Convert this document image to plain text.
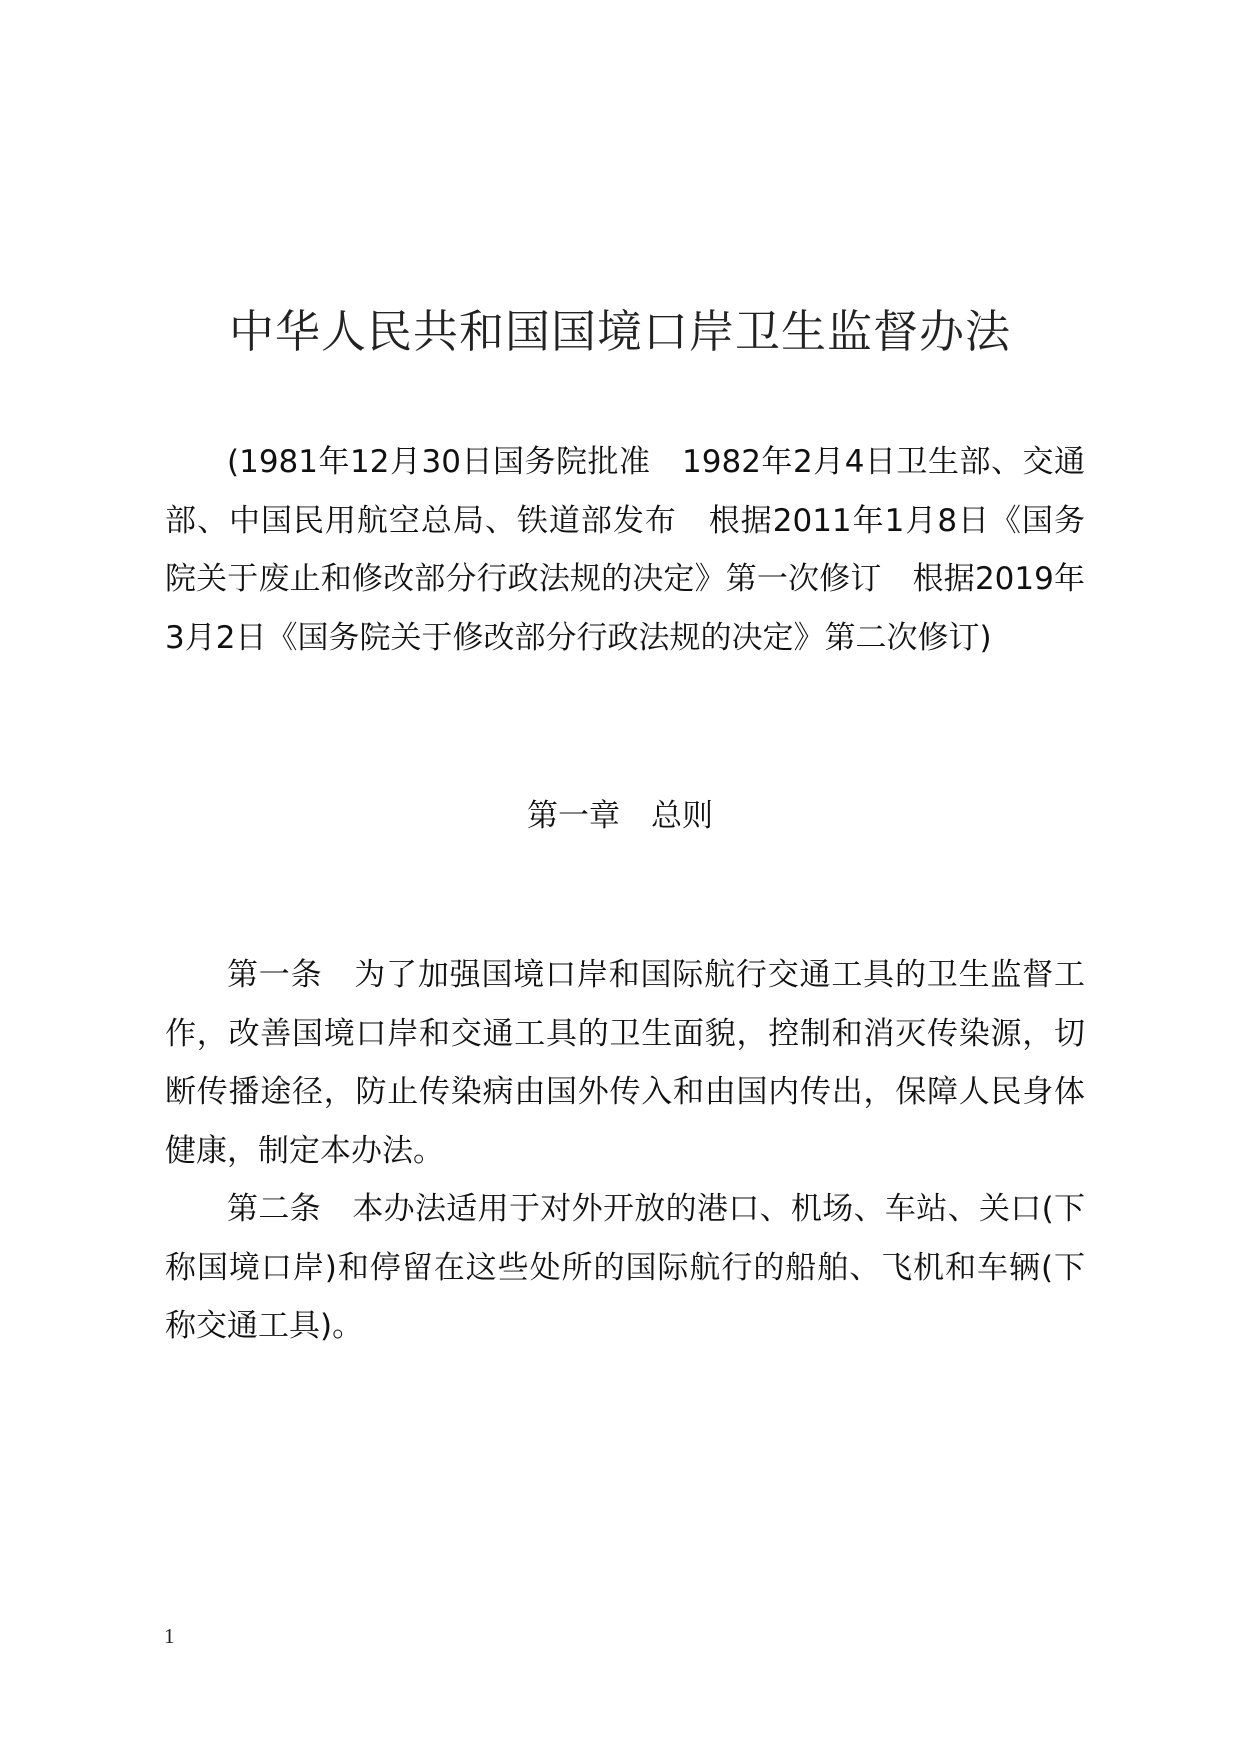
中华人民共和国国境口岸卫生监督办法

(1981年12月30日国务院批准　1982年2月4日卫生部、交通部、中国民用航空总局、铁道部发布　根据2011年1月8日《国务院关于废止和修改部分行政法规的决定》第一次修订　根据2019年3月2日《国务院关于修改部分行政法规的决定》第二次修订)

第一章　总则

第一条　为了加强国境口岸和国际航行交通工具的卫生监督工作，改善国境口岸和交通工具的卫生面貌，控制和消灭传染源，切断传播途径，防止传染病由国外传入和由国内传出，保障人民身体健康，制定本办法。

第二条　本办法适用于对外开放的港口、机场、车站、关口(下称国境口岸)和停留在这些处所的国际航行的船舶、飞机和车辆(下称交通工具)。

1
